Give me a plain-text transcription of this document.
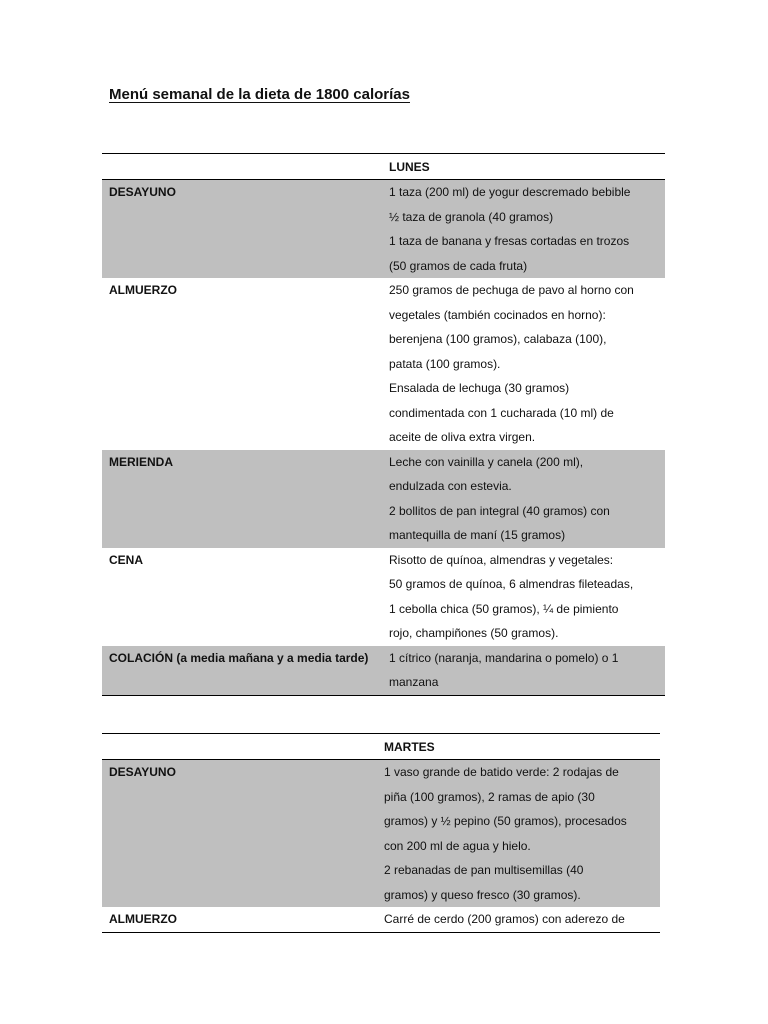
Menú semanal de la dieta de 1800 calorías
LUNES
DESAYUNO	1 taza (200 ml) de yogur descremado bebible
½ taza de granola (40 gramos)
1 taza de banana y fresas cortadas en trozos
(50 gramos de cada fruta)
ALMUERZO	250 gramos de pechuga de pavo al horno con
vegetales (también cocinados en horno):
berenjena (100 gramos), calabaza (100),
patata (100 gramos).
Ensalada de lechuga (30 gramos)
condimentada con 1 cucharada (10 ml) de
aceite de oliva extra virgen.
MERIENDA	Leche con vainilla y canela (200 ml),
endulzada con estevia.
2 bollitos de pan integral (40 gramos) con
mantequilla de maní (15 gramos)
CENA	Risotto de quínoa, almendras y vegetales:
50 gramos de quínoa, 6 almendras fileteadas,
1 cebolla chica (50 gramos), ¼ de pimiento
rojo, champiñones (50 gramos).
COLACIÓN (a media mañana y a media tarde)	1 cítrico (naranja, mandarina o pomelo) o 1
manzana
MARTES
DESAYUNO	1 vaso grande de batido verde: 2 rodajas de
piña (100 gramos), 2 ramas de apio (30
gramos) y ½ pepino (50 gramos), procesados
con 200 ml de agua y hielo.
2 rebanadas de pan multisemillas (40
gramos) y queso fresco (30 gramos).
ALMUERZO	Carré de cerdo (200 gramos) con aderezo de
